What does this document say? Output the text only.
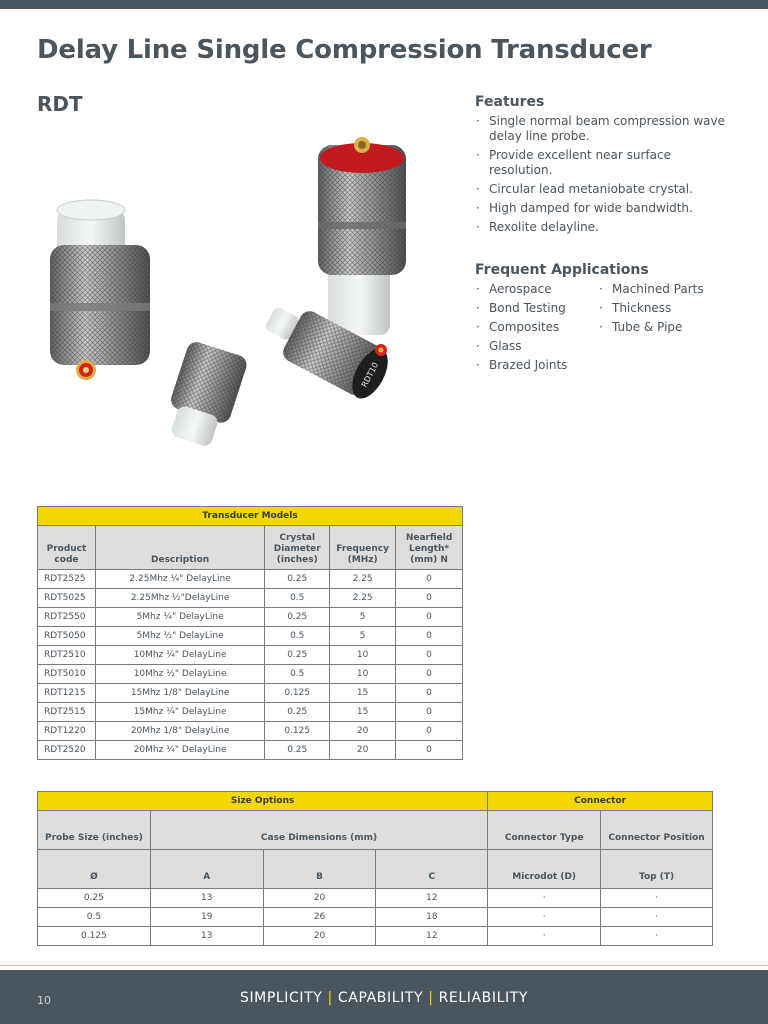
Delay Line Single Compression Transducer
RDT
RDT10
Features
· Single normal beam compression wave delay line probe.
· Provide excellent near surface resolution.
· Circular lead metaniobate crystal.
· High damped for wide bandwidth.
· Rexolite delayline.
Frequent Applications
· Aerospace
· Bond Testing
· Composites
· Glass
· Brazed Joints
· Machined Parts
· Thickness
· Tube & Pipe
Transducer Models				
Product code	Description	Crystal Diameter (inches)	Frequency (MHz)	Nearfield Length* (mm) N
RDT2525	2.25Mhz ¼" DelayLine	0.25	2.25	0
RDT5025	2.25Mhz ½"DelayLine	0.5	2.25	0
RDT2550	5Mhz ¼" DelayLine	0.25	5	0
RDT5050	5Mhz ½" DelayLine	0.5	5	0
RDT2510	10Mhz ¼" DelayLine	0.25	10	0
RDT5010	10Mhz ½" DelayLine	0.5	10	0
RDT1215	15Mhz 1/8" DelayLine	0.125	15	0
RDT2515	15Mhz ¼" DelayLine	0.25	15	0
RDT1220	20Mhz 1/8" DelayLine	0.125	20	0
RDT2520	20Mhz ¼" DelayLine	0.25	20	0
Size Options				Connector	
Probe Size (inches)	Case Dimensions (mm)			Connector Type	Connector Position
Ø	A	B	C	Microdot (D)	Top (T)
0.25	13	20	12	·	·
0.5	19	26	18	·	·
0.125	13	20	12	·	·
10	SIMPLICITY | CAPABILITY | RELIABILITY
